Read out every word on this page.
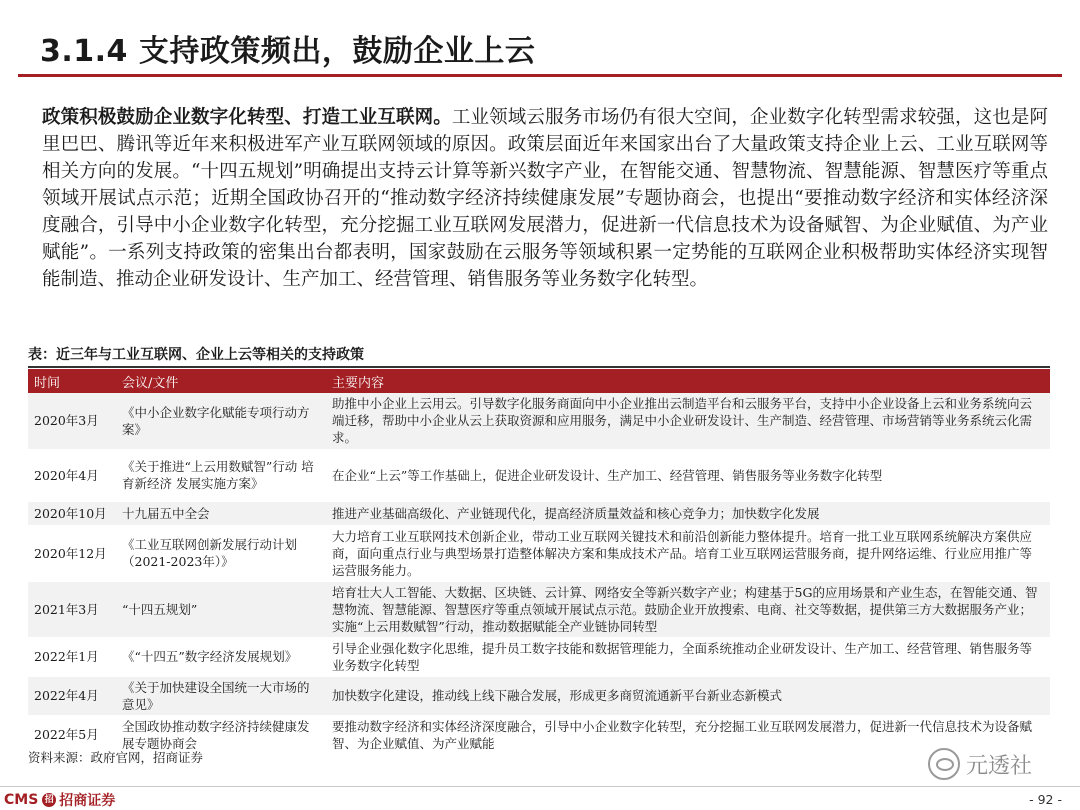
3.1.4 支持政策频出，鼓励企业上云
政策积极鼓励企业数字化转型、打造工业互联网。工业领域云服务市场仍有很大空间，企业数字化转型需求较强，这也是阿里巴巴、腾讯等近年来积极进军产业互联网领域的原因。政策层面近年来国家出台了大量政策支持企业上云、工业互联网等相关方向的发展。“十四五规划”明确提出支持云计算等新兴数字产业，在智能交通、智慧物流、智慧能源、智慧医疗等重点领域开展试点示范；近期全国政协召开的“推动数字经济持续健康发展”专题协商会，也提出“要推动数字经济和实体经济深度融合，引导中小企业数字化转型，充分挖掘工业互联网发展潜力，促进新一代信息技术为设备赋智、为企业赋值、为产业赋能”。一系列支持政策的密集出台都表明，国家鼓励在云服务等领域积累一定势能的互联网企业积极帮助实体经济实现智能制造、推动企业研发设计、生产加工、经营管理、销售服务等业务数字化转型。
表：近三年与工业互联网、企业上云等相关的支持政策
时间	会议/文件	主要内容
2020年3月	《中小企业数字化赋能专项行动方案》	助推中小企业上云用云。引导数字化服务商面向中小企业推出云制造平台和云服务平台，支持中小企业设备上云和业务系统向云端迁移，帮助中小企业从云上获取资源和应用服务，满足中小企业研发设计、生产制造、经营管理、市场营销等业务系统云化需求。
2020年4月	《关于推进“上云用数赋智”行动 培育新经济 发展实施方案》	在企业“上云”等工作基础上，促进企业研发设计、生产加工、经营管理、销售服务等业务数字化转型
2020年10月	十九届五中全会	推进产业基础高级化、产业链现代化，提高经济质量效益和核心竞争力；加快数字化发展
2020年12月	《工业互联网创新发展行动计划（2021-2023年）》	大力培育工业互联网技术创新企业，带动工业互联网关键技术和前沿创新能力整体提升。培育一批工业互联网系统解决方案供应商，面向重点行业与典型场景打造整体解决方案和集成技术产品。培育工业互联网运营服务商，提升网络运维、行业应用推广等运营服务能力。
2021年3月	“十四五规划”	培育壮大人工智能、大数据、区块链、云计算、网络安全等新兴数字产业；构建基于5G的应用场景和产业生态，在智能交通、智慧物流、智慧能源、智慧医疗等重点领域开展试点示范。鼓励企业开放搜索、电商、社交等数据，提供第三方大数据服务产业；实施“上云用数赋智”行动，推动数据赋能全产业链协同转型
2022年1月	《“十四五”数字经济发展规划》	引导企业强化数字化思维，提升员工数字技能和数据管理能力，全面系统推动企业研发设计、生产加工、经营管理、销售服务等业务数字化转型
2022年4月	《关于加快建设全国统一大市场的意见》	加快数字化建设，推动线上线下融合发展，形成更多商贸流通新平台新业态新模式
2022年5月	全国政协推动数字经济持续健康发展专题协商会	要推动数字经济和实体经济深度融合，引导中小企业数字化转型，充分挖掘工业互联网发展潜力，促进新一代信息技术为设备赋智、为企业赋值、为产业赋能
资料来源：政府官网，招商证券	元透社
CMS 招 招商证券	- 92 -
